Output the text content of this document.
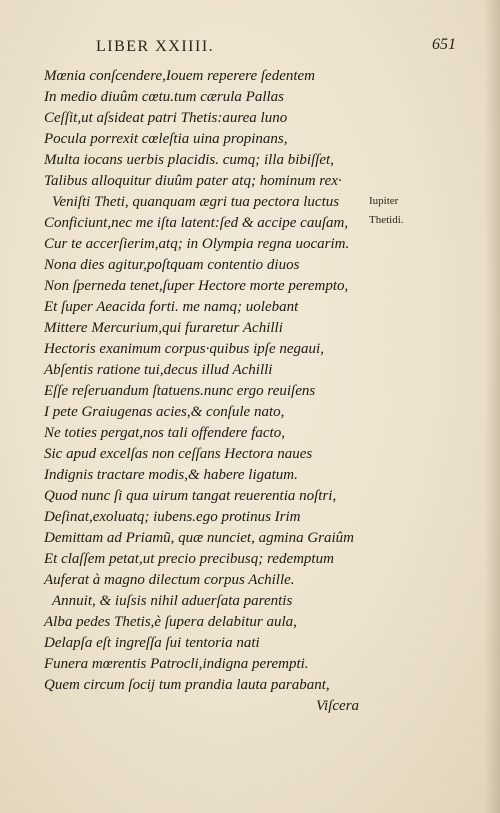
LIBER XXIIII.	651
Mœnia conſcendere,Iouem reperere ſedentem
In medio diuûm cœtu.tum cærula Pallas
Ceſſit,ut aſsideat patri Thetis:aurea luno
Pocula porrexit cœleſtia uina propinans,
Multa iocans uerbis placidis. cumq; illa bibiſſet,
Talibus alloquitur diuûm pater atq; hominum rex·
Veniſti Theti, quanquam ægri tua pectora luctus
Conficiunt,nec me iſta latent:ſed & accipe cauſam,
Cur te accerſierim,atq; in Olympia regna uocarim.
Nona dies agitur,poſtquam contentio diuos
Non ſperneda tenet,ſuper Hectore morte perempto,
Et ſuper Aeacida forti. me namq; uolebant
Mittere Mercurium,qui furaretur Achilli
Hectoris exanimum corpus·quibus ipſe negaui,
Abſentis ratione tui,decus illud Achilli
Eſſe reſeruandum ſtatuens.nunc ergo reuiſens
I pete Graiugenas acies,& conſule nato,
Ne toties pergat,nos tali offendere facto,
Sic apud excelſas non ceſſans Hectora naues
Indignis tractare modis,& habere ligatum.
Quod nunc ſi qua uirum tangat reuerentia noſtri,
Deſinat,exoluatq; iubens.ego protinus Irim
Demittam ad Priamũ, quæ nunciet, agmina Graiûm
Et claſſem petat,ut precio precibusq; redemptum
Auferat à magno dilectum corpus Achille.
Annuit, & iuſsis nihil aduerſata parentis
Alba pedes Thetis,è ſupera delabitur aula,
Delapſa eſt ingreſſa ſui tentoria nati
Funera mœrentis Patrocli,indigna perempti.
Quem circum ſocij tum prandia lauta parabant,
Viſcera
Iupiter
Thetidi.
